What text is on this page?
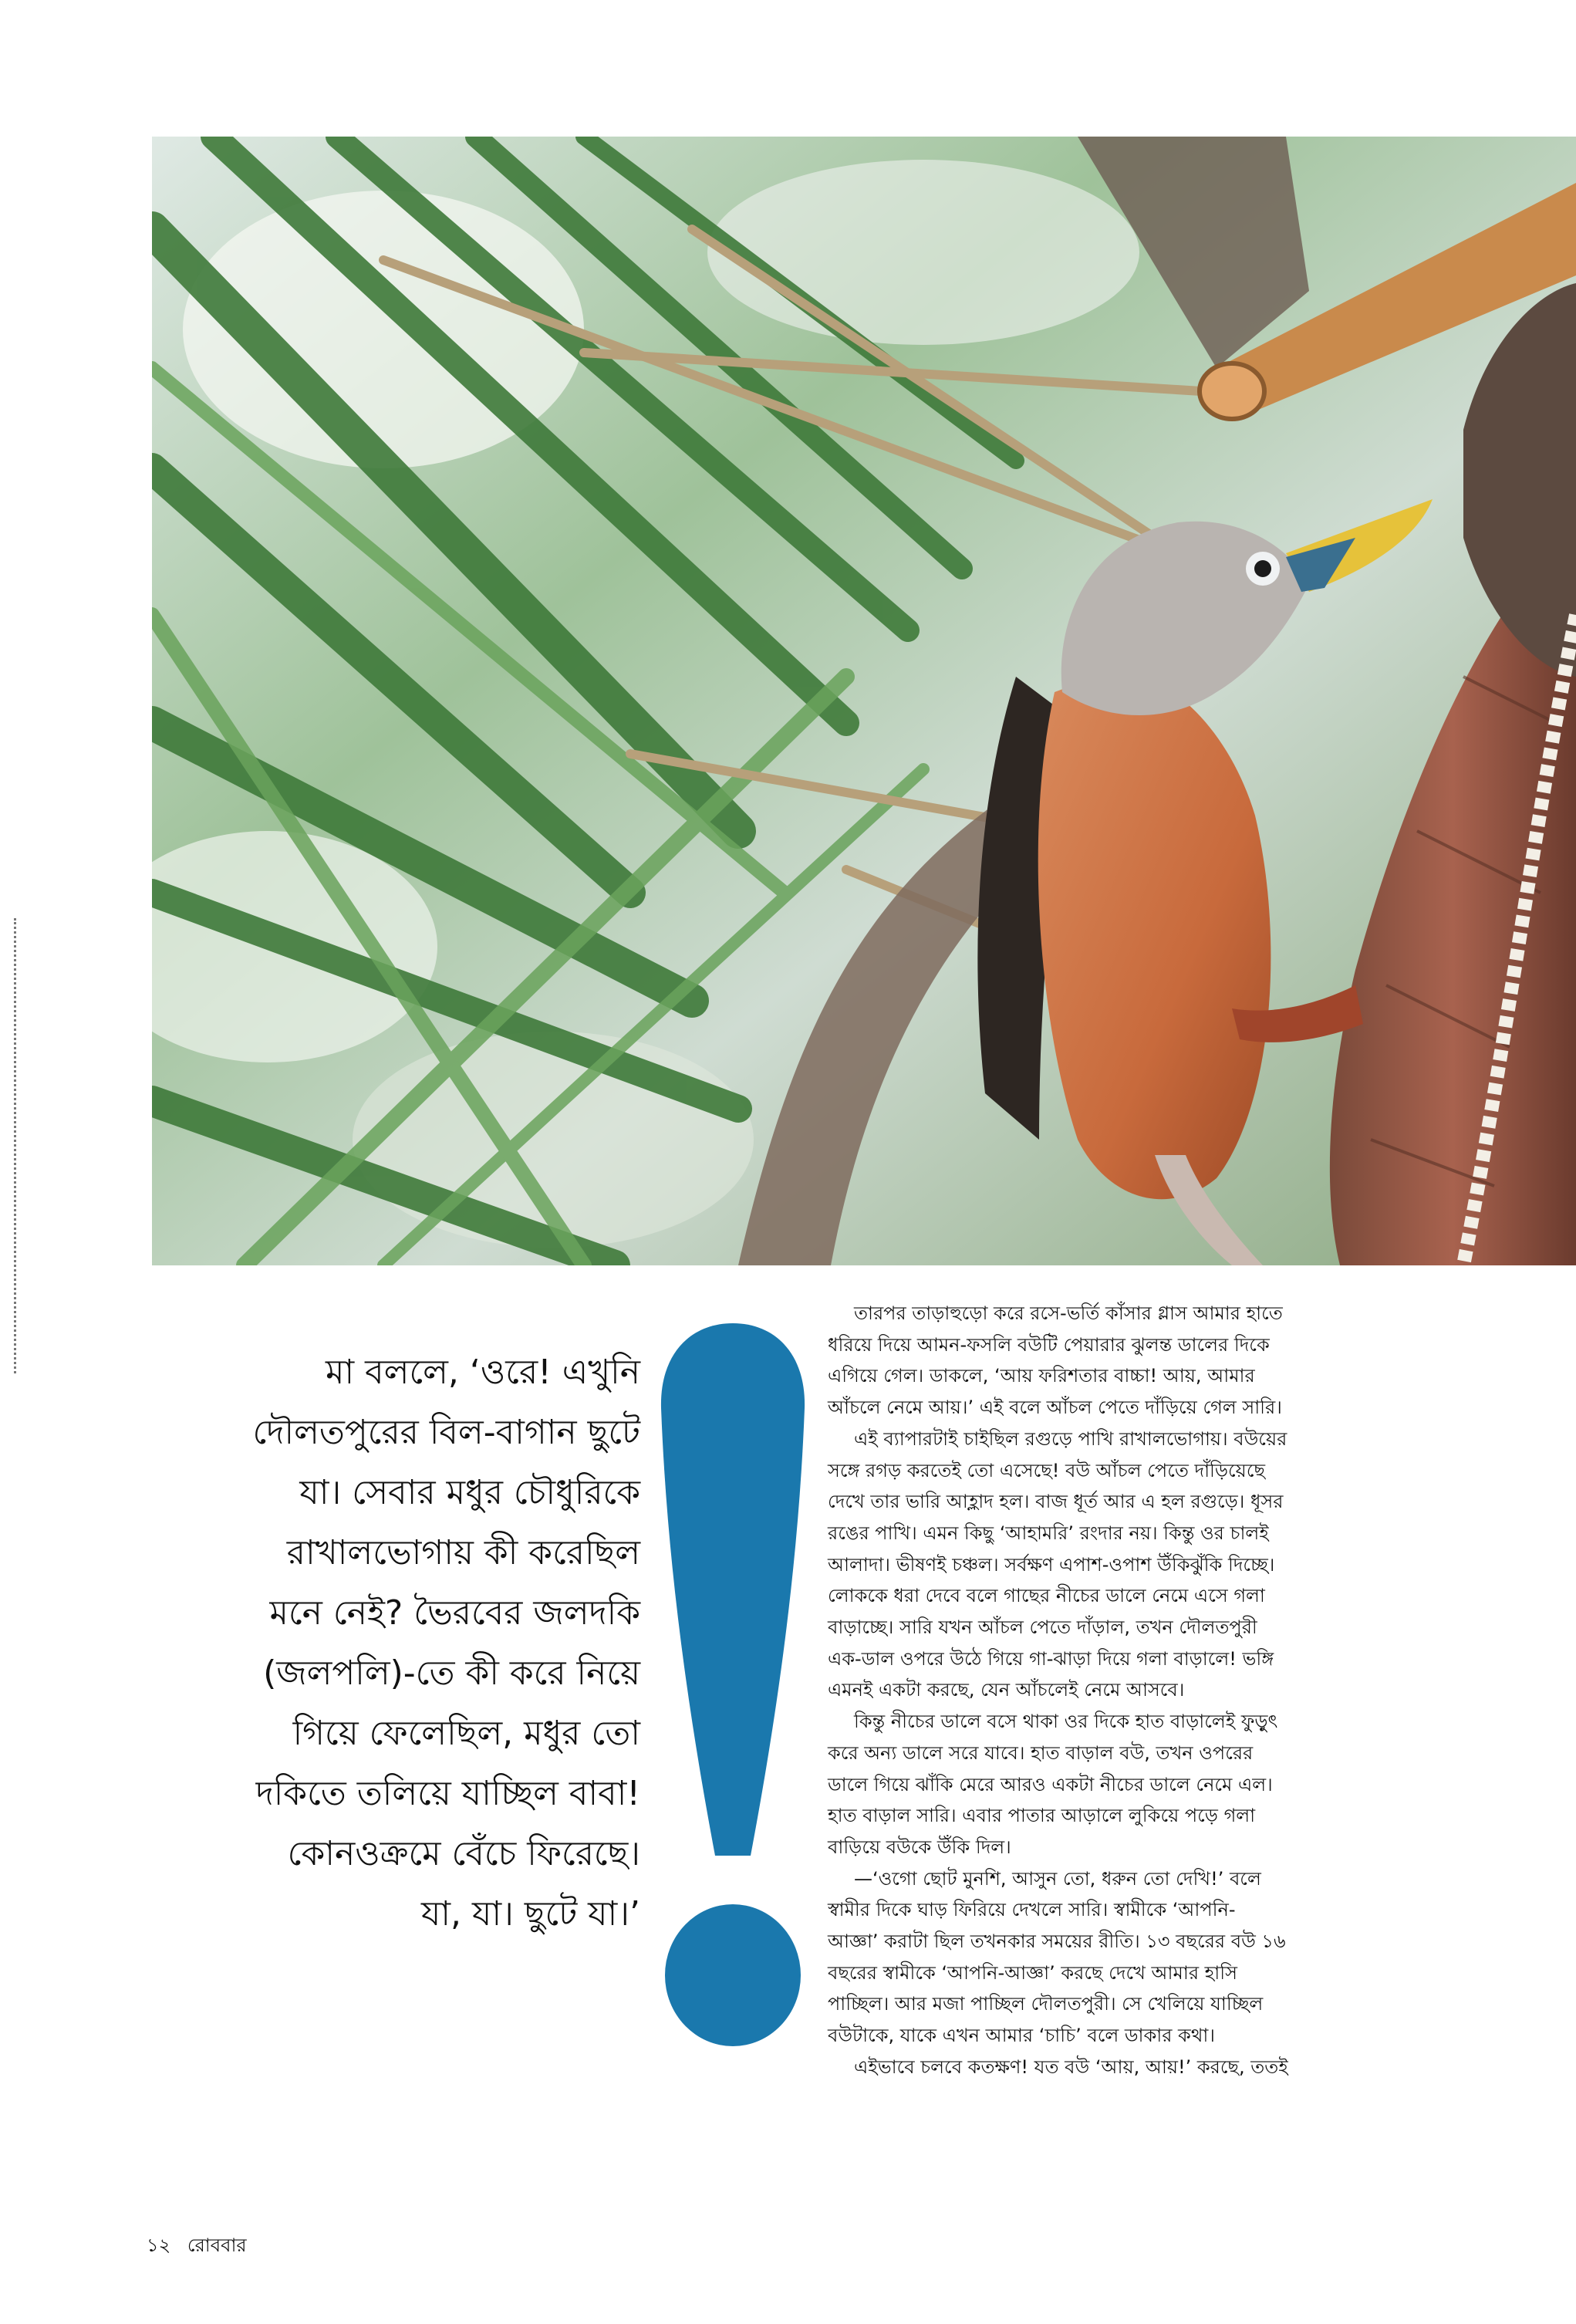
মা বললে, ‘ওরে! এখুনি
দৌলতপুরের বিল-বাগান ছুটে
যা। সেবার মধুর চৌধুরিকে
রাখালভোগায় কী করেছিল
মনে নেই? ভৈরবের জলদকি
(জলপলি)-তে কী করে নিয়ে
গিয়ে ফেলেছিল, মধুর তো
দকিতে তলিয়ে যাচ্ছিল বাবা!
কোনওক্রমে বেঁচে ফিরেছে।
যা, যা। ছুটে যা।’
তারপর তাড়াহুড়ো করে রসে-ভর্তি কাঁসার গ্লাস আমার হাতে
ধরিয়ে দিয়ে আমন-ফসলি বউটি পেয়ারার ঝুলন্ত ডালের দিকে
এগিয়ে গেল। ডাকলে, ‘আয় ফরিশতার বাচ্চা! আয়, আমার
আঁচলে নেমে আয়।’ এই বলে আঁচল পেতে দাঁড়িয়ে গেল সারি।
এই ব্যাপারটাই চাইছিল রগুড়ে পাখি রাখালভোগায়। বউয়ের
সঙ্গে রগড় করতেই তো এসেছে! বউ আঁচল পেতে দাঁড়িয়েছে
দেখে তার ভারি আহ্লাদ হল। বাজ ধূর্ত আর এ হল রগুড়ে। ধূসর
রঙের পাখি। এমন কিছু ‘আহামরি’ রংদার নয়। কিন্তু ওর চালই
আলাদা। ভীষণই চঞ্চল। সর্বক্ষণ এপাশ-ওপাশ উঁকিঝুঁকি দিচ্ছে।
লোককে ধরা দেবে বলে গাছের নীচের ডালে নেমে এসে গলা
বাড়াচ্ছে। সারি যখন আঁচল পেতে দাঁড়াল, তখন দৌলতপুরী
এক-ডাল ওপরে উঠে গিয়ে গা-ঝাড়া দিয়ে গলা বাড়ালে! ভঙ্গি
এমনই একটা করছে, যেন আঁচলেই নেমে আসবে।
কিন্তু নীচের ডালে বসে থাকা ওর দিকে হাত বাড়ালেই ফুড়ুৎ
করে অন্য ডালে সরে যাবে। হাত বাড়াল বউ, তখন ওপরের
ডালে গিয়ে ঝাঁকি মেরে আরও একটা নীচের ডালে নেমে এল।
হাত বাড়াল সারি। এবার পাতার আড়ালে লুকিয়ে পড়ে গলা
বাড়িয়ে বউকে উঁকি দিল।
—‘ওগো ছোট মুনশি, আসুন তো, ধরুন তো দেখি!’ বলে
স্বামীর দিকে ঘাড় ফিরিয়ে দেখলে সারি। স্বামীকে ‘আপনি-
আজ্ঞা’ করাটা ছিল তখনকার সময়ের রীতি। ১৩ বছরের বউ ১৬
বছরের স্বামীকে ‘আপনি-আজ্ঞা’ করছে দেখে আমার হাসি
পাচ্ছিল। আর মজা পাচ্ছিল দৌলতপুরী। সে খেলিয়ে যাচ্ছিল
বউটাকে, যাকে এখন আমার ‘চাচি’ বলে ডাকার কথা।
এইভাবে চলবে কতক্ষণ! যত বউ ‘আয়, আয়!’ করছে, ততই
১২ রোববার
